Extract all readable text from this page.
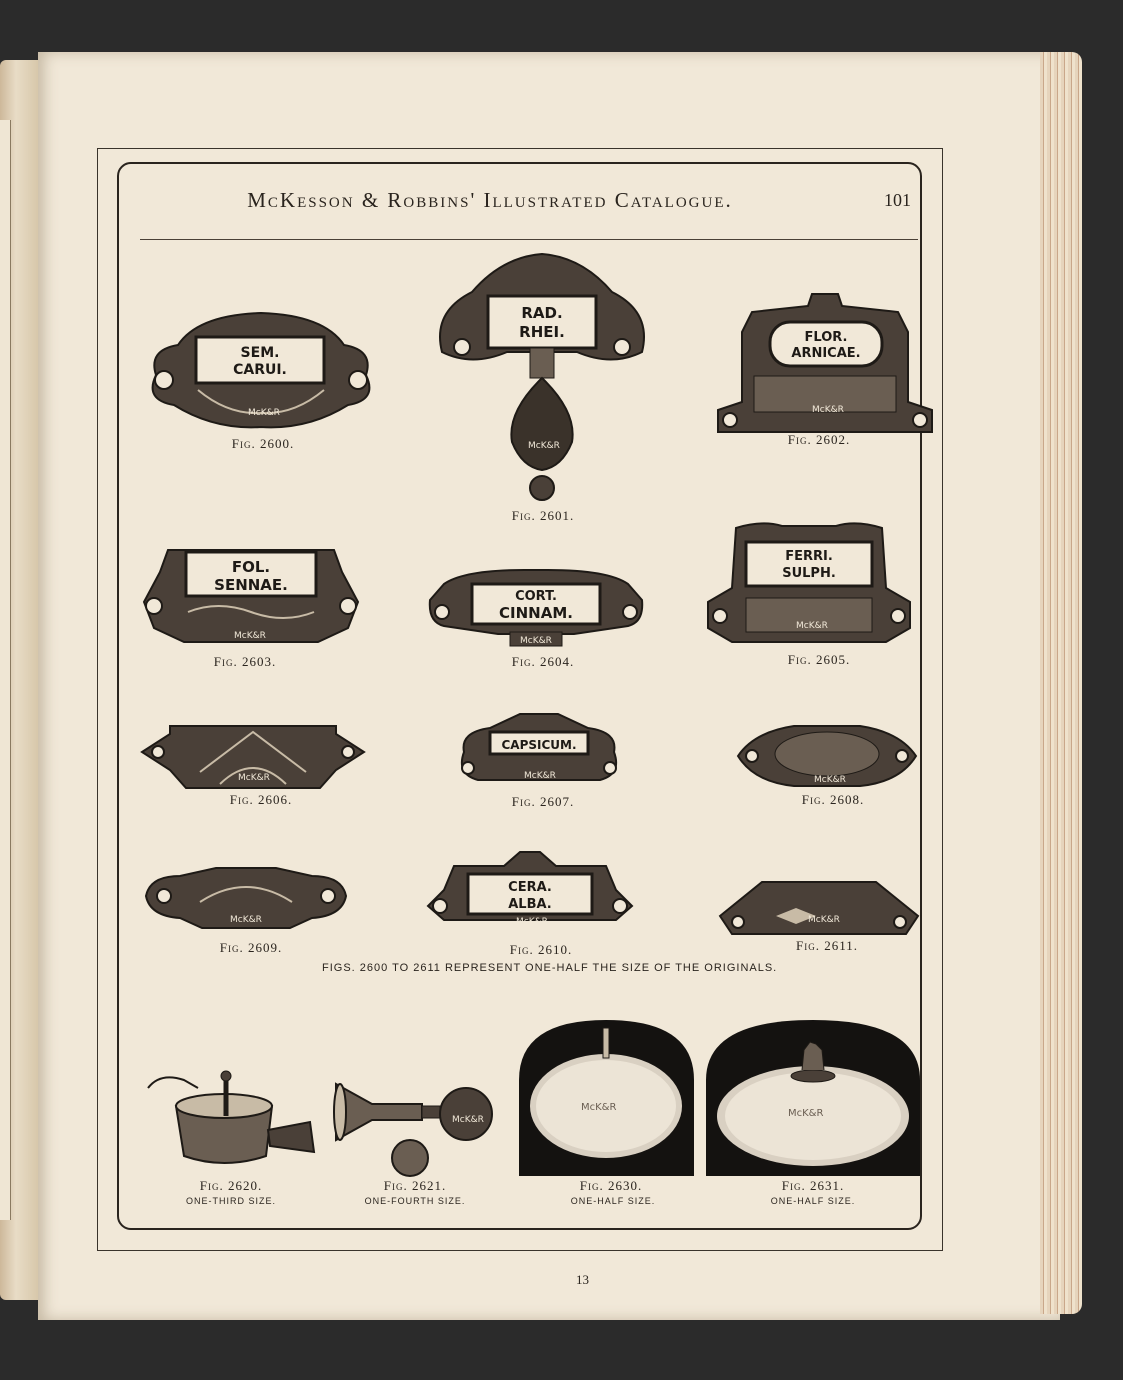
McKesson & Robbins' Illustrated Catalogue.	101
SEM.
CARUI.
McK&R
Fig. 2600.
RAD.
RHEI.
McK&R
Fig. 2601.
FLOR.
ARNICAE.
McK&R
Fig. 2602.
FOL.
SENNAE.
McK&R
Fig. 2603.
CORT.
CINNAM.
McK&R
Fig. 2604.
FERRI.
SULPH.
McK&R
Fig. 2605.
McK&R
Fig. 2606.
CAPSICUM.
McK&R
Fig. 2607.
McK&R
Fig. 2608.
McK&R
Fig. 2609.
CERA.
ALBA.
McK&R
Fig. 2610.
McK&R
Fig. 2611.
FIGS. 2600 TO 2611 REPRESENT ONE-HALF THE SIZE OF THE ORIGINALS.
Fig. 2620.
ONE-THIRD SIZE.
McK&R
Fig. 2621.
ONE-FOURTH SIZE.
McK&R
Fig. 2630.
ONE-HALF SIZE.
McK&R
Fig. 2631.
ONE-HALF SIZE.
13
